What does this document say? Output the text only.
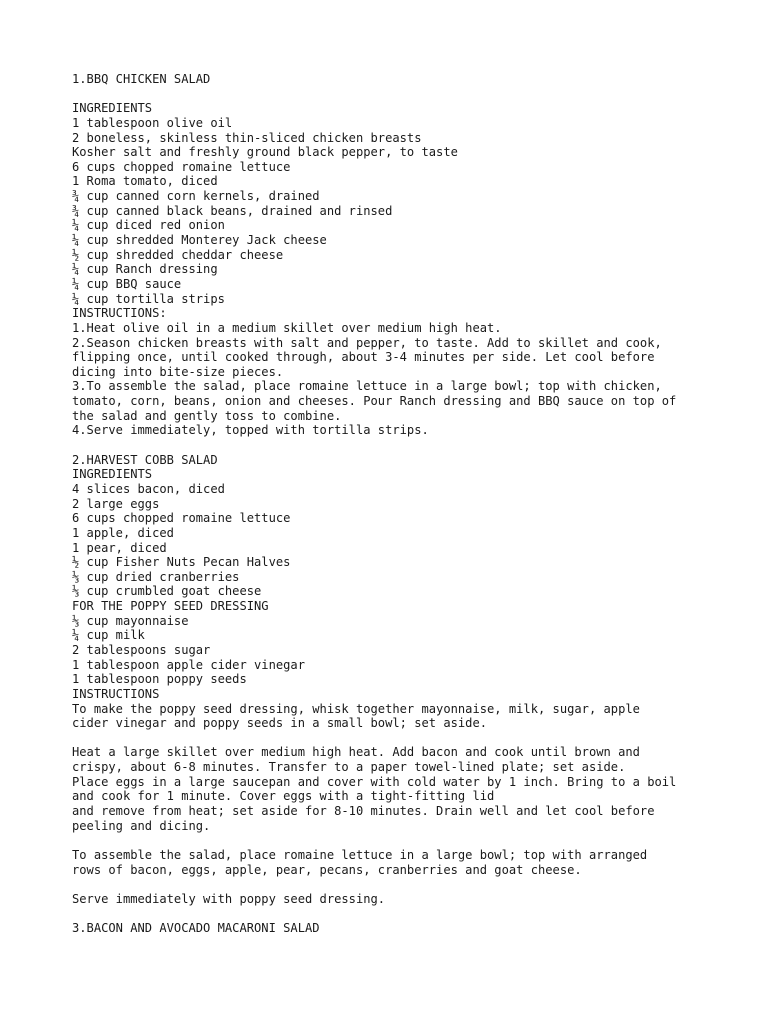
1.BBQ CHICKEN SALAD
INGREDIENTS
1 tablespoon olive oil
2 boneless, skinless thin-sliced chicken breasts
Kosher salt and freshly ground black pepper, to taste
6 cups chopped romaine lettuce
1 Roma tomato, diced
¾ cup canned corn kernels, drained
¾ cup canned black beans, drained and rinsed
¼ cup diced red onion
¼ cup shredded Monterey Jack cheese
½ cup shredded cheddar cheese
¼ cup Ranch dressing
¼ cup BBQ sauce
¼ cup tortilla strips
INSTRUCTIONS:
1.Heat olive oil in a medium skillet over medium high heat.
2.Season chicken breasts with salt and pepper, to taste. Add to skillet and cook,
flipping once, until cooked through, about 3-4 minutes per side. Let cool before
dicing into bite-size pieces.
3.To assemble the salad, place romaine lettuce in a large bowl; top with chicken,
tomato, corn, beans, onion and cheeses. Pour Ranch dressing and BBQ sauce on top of
the salad and gently toss to combine.
4.Serve immediately, topped with tortilla strips.
2.HARVEST COBB SALAD
INGREDIENTS
4 slices bacon, diced
2 large eggs
6 cups chopped romaine lettuce
1 apple, diced
1 pear, diced
½ cup Fisher Nuts Pecan Halves
⅓ cup dried cranberries
⅓ cup crumbled goat cheese
FOR THE POPPY SEED DRESSING
⅓ cup mayonnaise
¼ cup milk
2 tablespoons sugar
1 tablespoon apple cider vinegar
1 tablespoon poppy seeds
INSTRUCTIONS
To make the poppy seed dressing, whisk together mayonnaise, milk, sugar, apple
cider vinegar and poppy seeds in a small bowl; set aside.
Heat a large skillet over medium high heat. Add bacon and cook until brown and
crispy, about 6-8 minutes. Transfer to a paper towel-lined plate; set aside.
Place eggs in a large saucepan and cover with cold water by 1 inch. Bring to a boil
and cook for 1 minute. Cover eggs with a tight-fitting lid
and remove from heat; set aside for 8-10 minutes. Drain well and let cool before
peeling and dicing.
To assemble the salad, place romaine lettuce in a large bowl; top with arranged
rows of bacon, eggs, apple, pear, pecans, cranberries and goat cheese.
Serve immediately with poppy seed dressing.
3.BACON AND AVOCADO MACARONI SALAD
